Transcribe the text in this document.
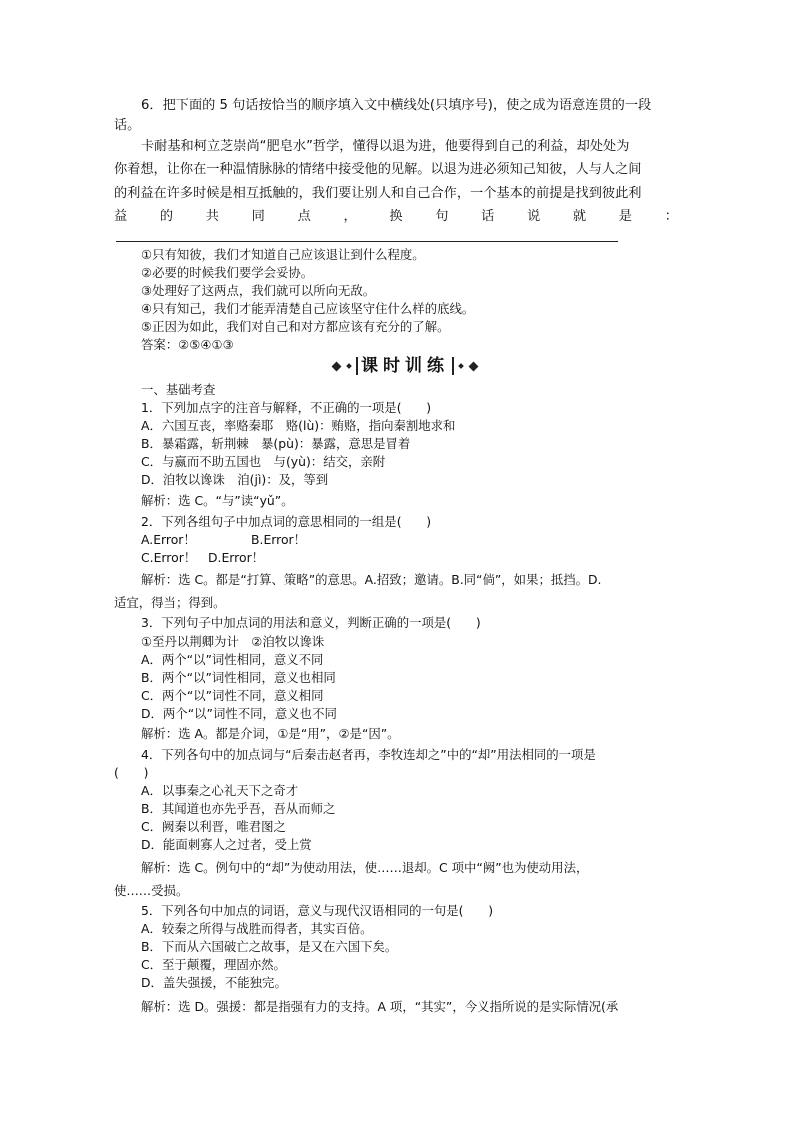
6．把下面的 5 句话按恰当的顺序填入文中横线处(只填序号)，使之成为语意连贯的一段
话。
卡耐基和柯立芝崇尚“肥皂水”哲学，懂得以退为进，他要得到自己的利益，却处处为
你着想，让你在一种温情脉脉的情绪中接受他的见解。以退为进必须知己知彼，人与人之间
的利益在许多时候是相互抵触的，我们要让别人和自己合作，一个基本的前提是找到彼此利
益 的 共 同 点 ， 换 句 话 说 就 是 ：
①只有知彼，我们才知道自己应该退让到什么程度。
②必要的时候我们要学会妥协。
③处理好了这两点，我们就可以所向无敌。
④只有知己，我们才能弄清楚自己应该坚守住什么样的底线。
⑤正因为如此，我们对自己和对方都应该有充分的了解。
答案：②⑤④①③
课时训练
一、基础考查
1．下列加点字的注音与解释，不正确的一项是(　　)
A．六国互丧，率赂秦耶　赂(lù)：贿赂，指向秦割地求和
B．暴霜露，斩荆棘　暴(pù)：暴露，意思是冒着
C．与嬴而不助五国也　与(yù)：结交，亲附
D．洎牧以谗诛　洎(jì)：及，等到
解析：选 C。“与”读“yǔ”。
2．下列各组句子中加点词的意思相同的一组是(　　)
A.Error！	B.Error！
C.Error！ D.Error！
解析：选 C。都是“打算、策略”的意思。A.招致；邀请。B.同“倘”，如果；抵挡。D.
适宜，得当；得到。
3．下列句子中加点词的用法和意义，判断正确的一项是(　　)
①至丹以荆卿为计　②洎牧以谗诛
A．两个“以”词性相同，意义不同
B．两个“以”词性相同，意义也相同
C．两个“以”词性不同，意义相同
D．两个“以”词性不同，意义也不同
解析：选 A。都是介词，①是“用”，②是“因”。
4．下列各句中的加点词与“后秦击赵者再，李牧连却之”中的“却”用法相同的一项是
(　　)
A．以事秦之心礼天下之奇才
B．其闻道也亦先乎吾，吾从而师之
C．阙秦以利晋，唯君图之
D．能面刺寡人之过者，受上赏
解析：选 C。例句中的“却”为使动用法，使……退却。C 项中“阙”也为使动用法，
使……受损。
5．下列各句中加点的词语，意义与现代汉语相同的一句是(　　)
A．较秦之所得与战胜而得者，其实百倍。
B．下而从六国破亡之故事，是又在六国下矣。
C．至于颠覆，理固亦然。
D．盖失强援，不能独完。
解析：选 D。强援：都是指强有力的支持。A 项，“其实”，今义指所说的是实际情况(承
